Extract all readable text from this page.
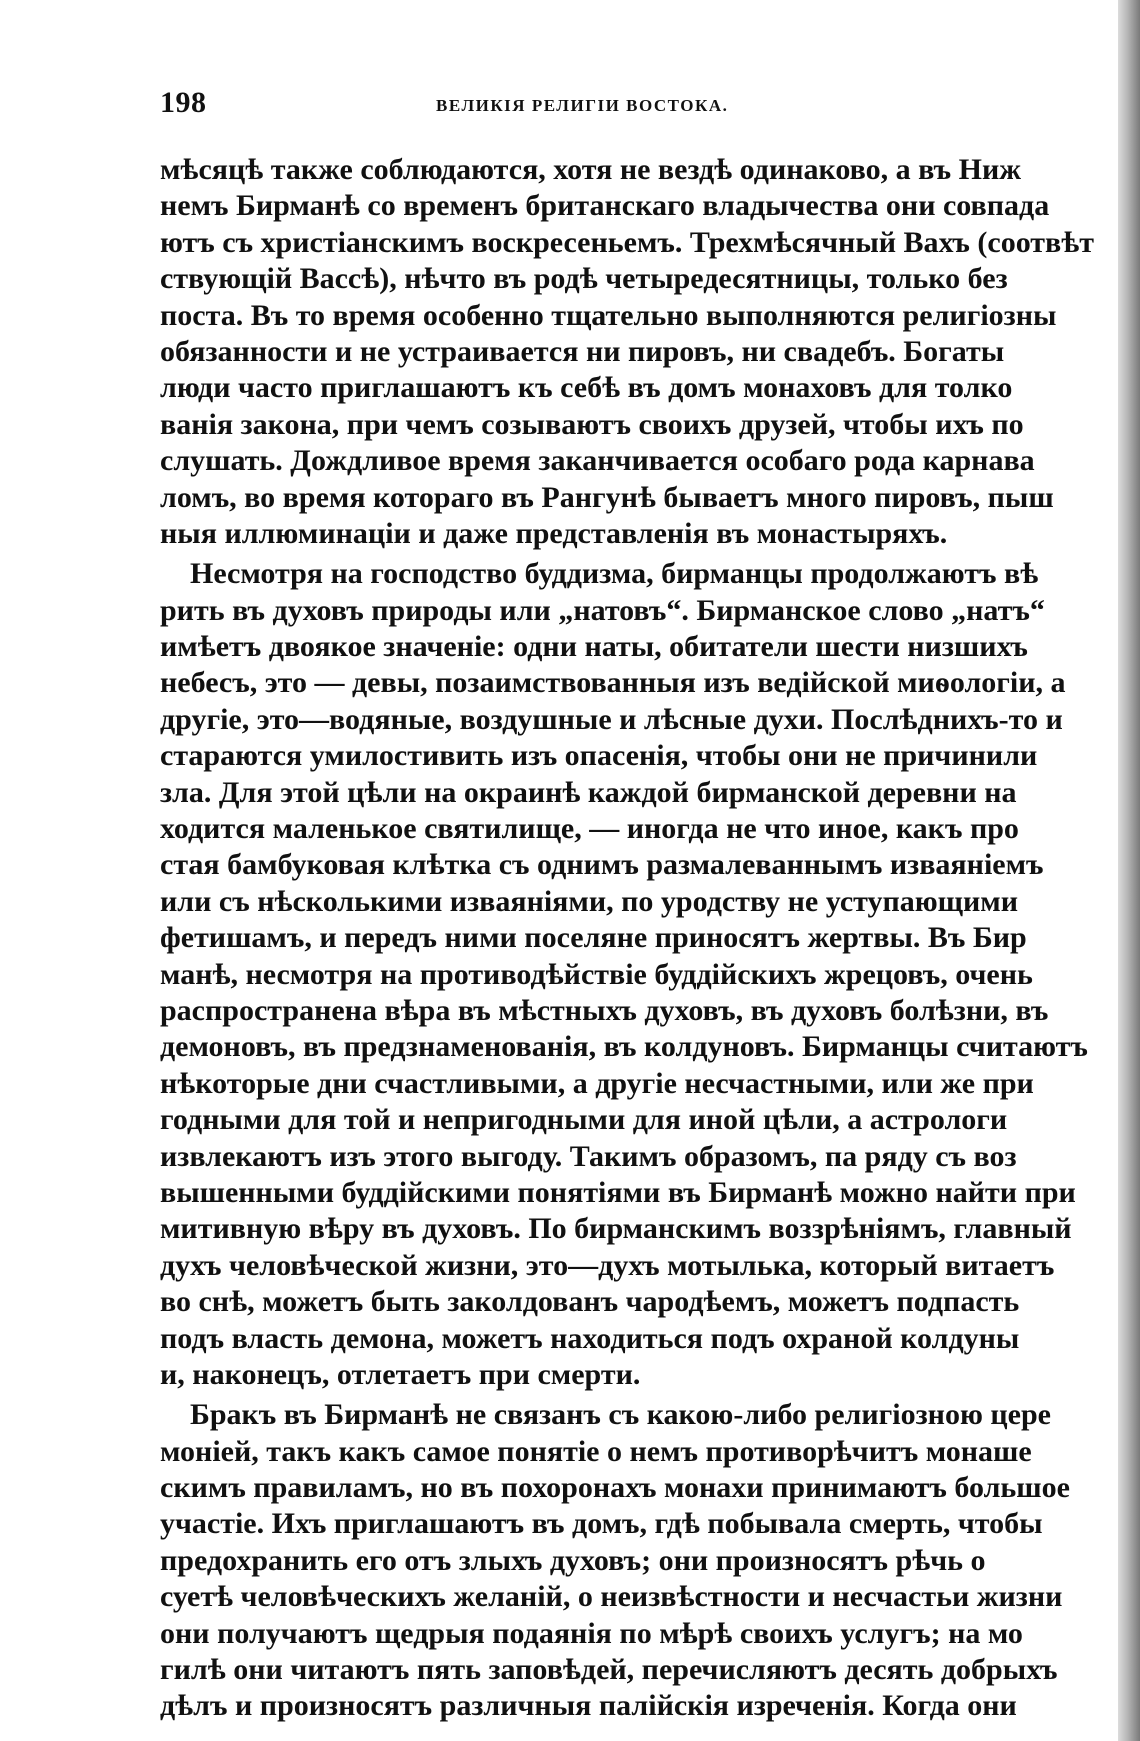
198	ВЕЛИКІЯ РЕЛИГІИ ВОСТОКА.
мѣсяцѣ также соблюдаются, хотя не вездѣ одинаково, а въ Ниж
немъ Бирманѣ со временъ британскаго владычества они совпада
ютъ съ христіанскимъ воскресеньемъ. Трехмѣсячный Вахъ (соотвѣт
ствующій Вассѣ), нѣчто въ родѣ четыредесятницы, только без
поста. Въ то время особенно тщательно выполняются религіозны
обязанности и не устраивается ни пировъ, ни свадебъ. Богаты
люди часто приглашаютъ къ себѣ въ домъ монаховъ для толко
ванія закона, при чемъ созываютъ своихъ друзей, чтобы ихъ по
слушать. Дождливое время заканчивается особаго рода карнава
ломъ, во время котораго въ Рангунѣ бываетъ много пировъ, пыш
ныя иллюминаціи и даже представленія въ монастыряхъ.
Несмотря на господство буддизма, бирманцы продолжаютъ вѣ
рить въ духовъ природы или „натовъ“. Бирманское слово „натъ“
имѣетъ двоякое значеніе: одни наты, обитатели шести низшихъ
небесъ, это — девы, позаимствованныя изъ ведійской миѳологіи, а
другіе, это—водяные, воздушные и лѣсные духи. Послѣднихъ-то и
стараются умилостивить изъ опасенія, чтобы они не причинили
зла. Для этой цѣли на окраинѣ каждой бирманской деревни на
ходится маленькое святилище, — иногда не что иное, какъ про
стая бамбуковая клѣтка съ однимъ размалеваннымъ изваяніемъ
или съ нѣсколькими изваяніями, по уродству не уступающими
фетишамъ, и передъ ними поселяне приносятъ жертвы. Въ Бир
манѣ, несмотря на противодѣйствіе буддійскихъ жрецовъ, очень
распространена вѣра въ мѣстныхъ духовъ, въ духовъ болѣзни, въ
демоновъ, въ предзнаменованія, въ колдуновъ. Бирманцы считаютъ
нѣкоторые дни счастливыми, а другіе несчастными, или же при
годными для той и непригодными для иной цѣли, а астрологи
извлекаютъ изъ этого выгоду. Такимъ образомъ, па ряду съ воз
вышенными буддійскими понятіями въ Бирманѣ можно найти при
митивную вѣру въ духовъ. По бирманскимъ воззрѣніямъ, главный
духъ человѣческой жизни, это—духъ мотылька, который витаетъ
во снѣ, можетъ быть заколдованъ чародѣемъ, можетъ подпасть
подъ власть демона, можетъ находиться подъ охраной колдуны
и, наконецъ, отлетаетъ при смерти.
Бракъ въ Бирманѣ не связанъ съ какою-либо религіозною цере
моніей, такъ какъ самое понятіе о немъ противорѣчитъ монаше
скимъ правиламъ, но въ похоронахъ монахи принимаютъ большое
участіе. Ихъ приглашаютъ въ домъ, гдѣ побывала смерть, чтобы
предохранить его отъ злыхъ духовъ; они произносятъ рѣчь о
суетѣ человѣческихъ желаній, о неизвѣстности и несчастьи жизни
они получаютъ щедрыя подаянія по мѣрѣ своихъ услугъ; на мо
гилѣ они читаютъ пять заповѣдей, перечисляютъ десять добрыхъ
дѣлъ и произносятъ различныя палійскія изреченія. Когда они
